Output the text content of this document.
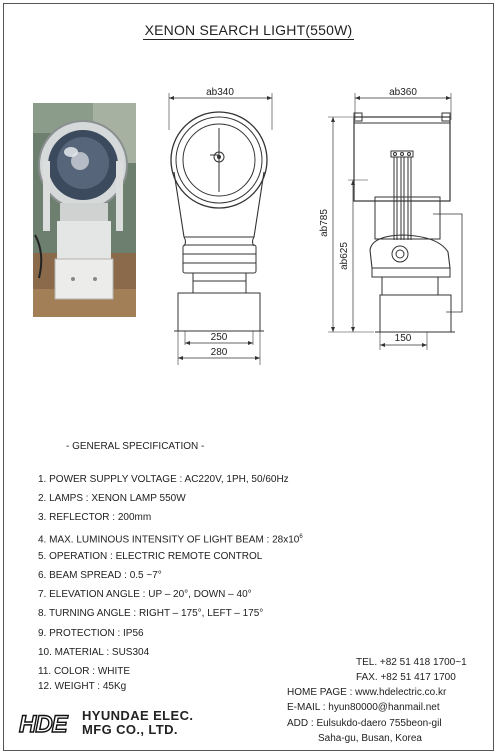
XENON SEARCH LIGHT(550W)
ab340
250
280
ab360
ab785
ab625
150
- GENERAL SPECIFICATION -
1. POWER SUPPLY VOLTAGE : AC220V, 1PH, 50/60Hz
2. LAMPS : XENON LAMP 550W
3. REFLECTOR : 200mm
4. MAX. LUMINOUS INTENSITY OF LIGHT BEAM : $28x10^6$
5. OPERATION : ELECTRIC REMOTE CONTROL
6. BEAM SPREAD : 0.5 ~7°
7. ELEVATION ANGLE : UP – 20°, DOWN – 40°
8. TURNING ANGLE : RIGHT – 175°, LEFT – 175°
9. PROTECTION : IP56
10. MATERIAL : SUS304
11. COLOR : WHITE
12. WEIGHT : 45Kg
TEL. +82 51 418 1700~1
FAX. +82 51 417 1700
HOME PAGE : www.hdelectric.co.kr
E-MAIL : hyun80000@hanmail.net
ADD : Eulsukdo-daero 755beon-gil
Saha-gu, Busan, Korea
HDE HYUNDAE ELEC.
MFG CO., LTD.
